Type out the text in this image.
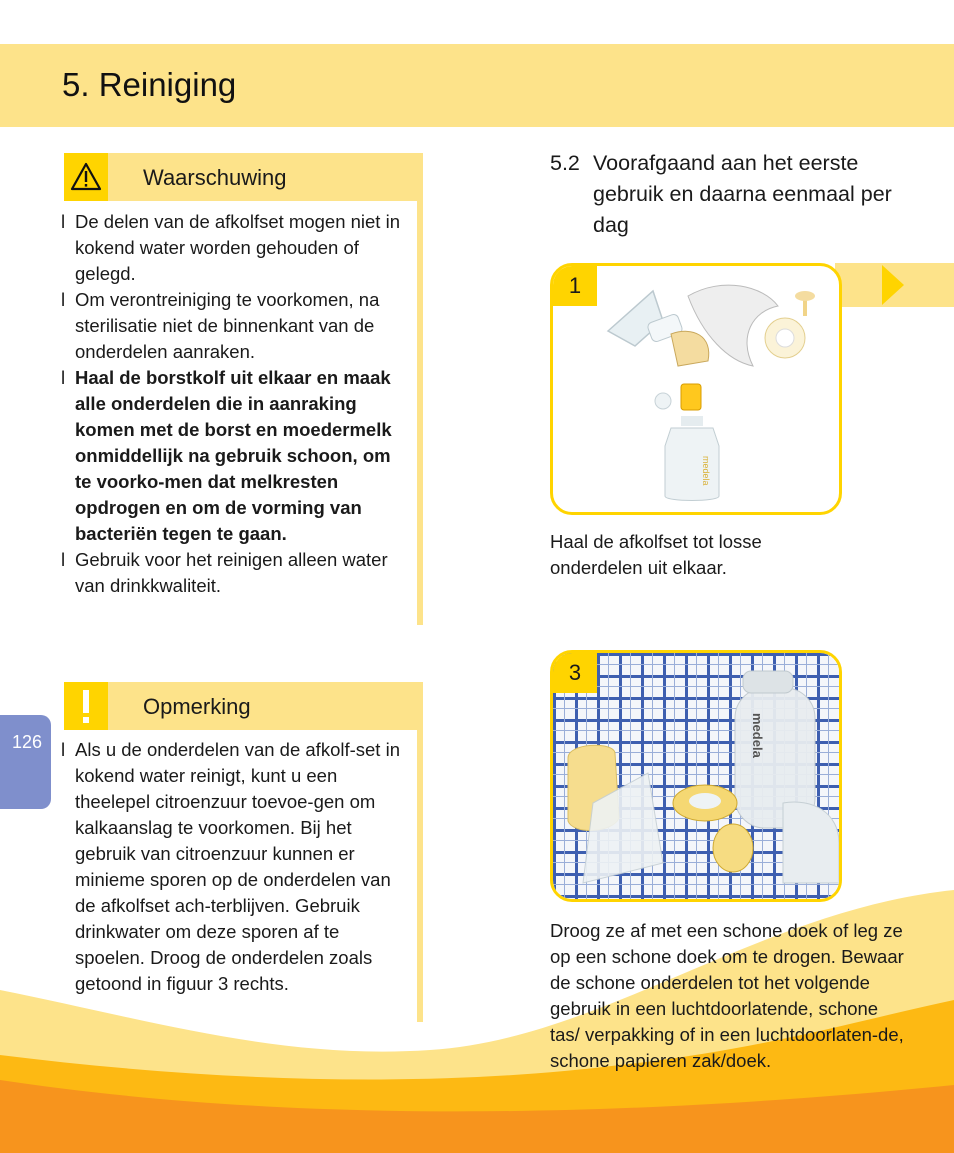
5. Reiniging
Waarschuwing
l De delen van de afkolfset mogen niet in kokend water worden gehouden of gelegd.
l Om verontreiniging te voorkomen, na sterilisatie niet de binnenkant van de onderdelen aanraken.
l Haal de borstkolf uit elkaar en maak alle onderdelen die in aanraking komen met de borst en moedermelk onmiddellijk na gebruik schoon, om te voorko-men dat melkresten opdrogen en om de vorming van bacteriën tegen te gaan.
l Gebruik voor het reinigen alleen water van drinkkwaliteit.
Opmerking
l Als u de onderdelen van de afkolf-set in kokend water reinigt, kunt u een theelepel citroenzuur toevoe-gen om kalkaanslag te voorkomen. Bij het gebruik van citroenzuur kunnen er minieme sporen op de onderdelen van de afkolfset ach-terblijven. Gebruik drinkwater om deze sporen af te spoelen. Droog de onderdelen zoals getoond in figuur 3 rechts.
126
5.2 Voorafgaand aan het eerste gebruik en daarna eenmaal per dag
medela
1

Haal de afkolfset tot losse onderdelen uit elkaar.

medela
3

Droog ze af met een schone doek of leg ze op een schone doek om te drogen. Bewaar de schone onderdelen tot het volgende gebruik in een luchtdoorlatende, schone tas/ verpakking of in een luchtdoorlaten-de, schone papieren zak/doek.
